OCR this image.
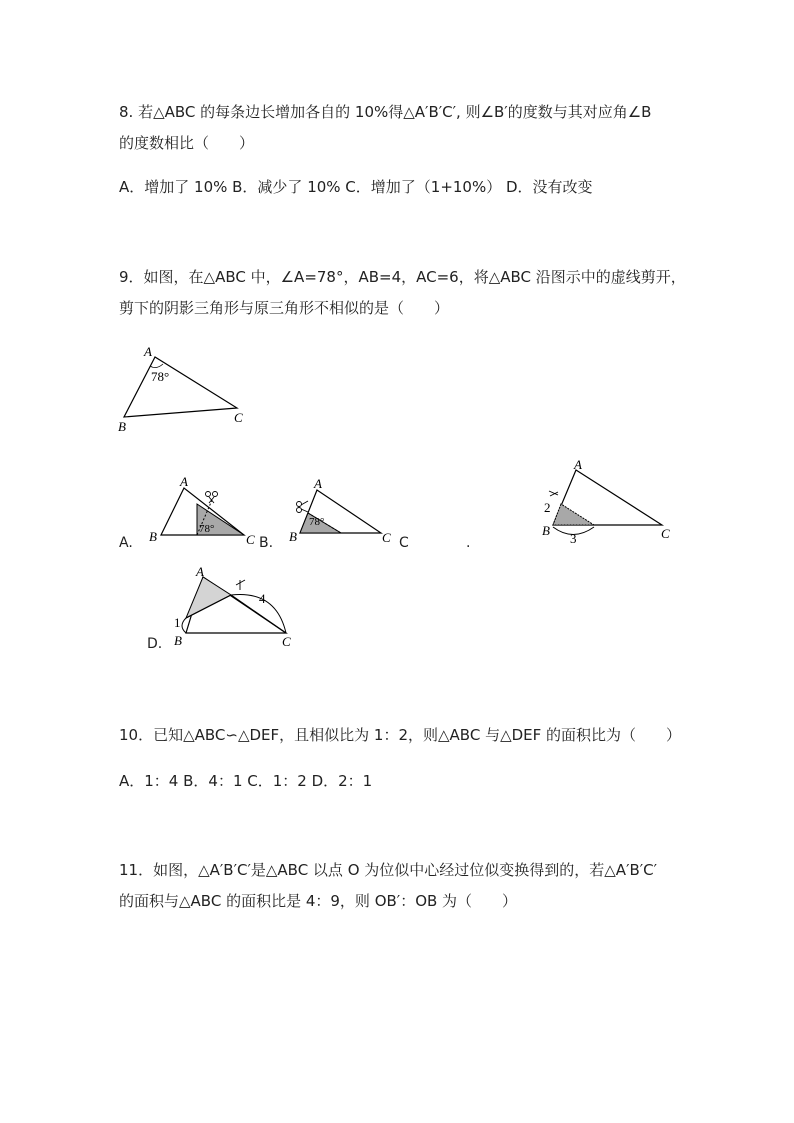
8. 若△ABC 的每条边长增加各自的 10%得△A′B′C′, 则∠B′的度数与其对应角∠B
的度数相比（　　）
A．增加了 10% B．减少了 10% C．增加了（1+10%） D．没有改变
9．如图，在△ABC 中，∠A=78°，AB=4，AC=6，将△ABC 沿图示中的虚线剪开，
剪下的阴影三角形与原三角形不相似的是（　　）
A
B
C
78°
A.
A
B	C
78°
B.
A
B	C
78°
C	.
A
B	C
2
3
D.
A
B	C
1
4
10．已知△ABC∽△DEF，且相似比为 1：2，则△ABC 与△DEF 的面积比为（　　）
A．1：4 B．4：1 C．1：2 D．2：1
11．如图，△A′B′C′是△ABC 以点 O 为位似中心经过位似变换得到的，若△A′B′C′
的面积与△ABC 的面积比是 4：9，则 OB′：OB 为（　　）
